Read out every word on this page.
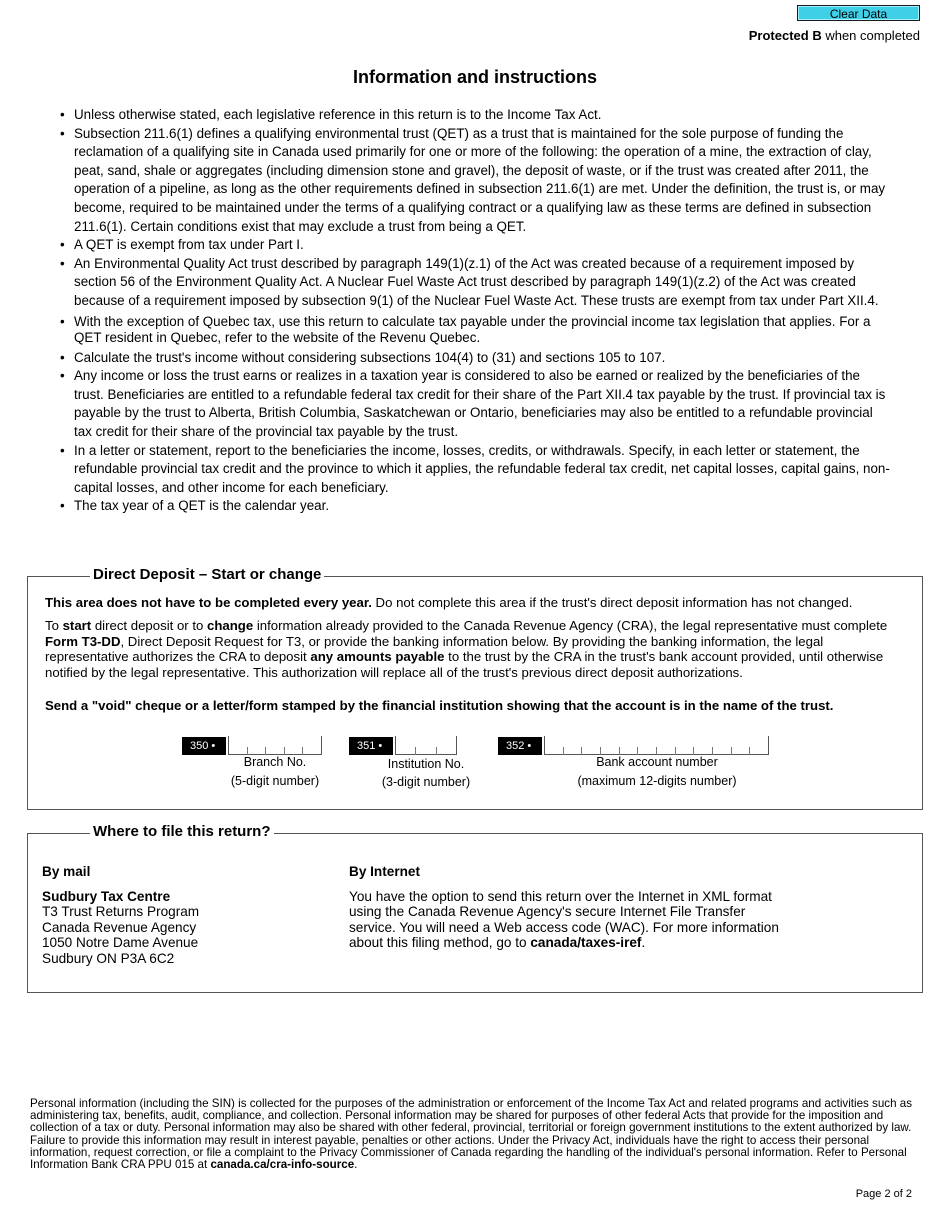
Clear Data
Protected B when completed
Information and instructions
• Unless otherwise stated, each legislative reference in this return is to the Income Tax Act.
• Subsection 211.6(1) defines a qualifying environmental trust (QET) as a trust that is maintained for the sole purpose of funding the reclamation of a qualifying site in Canada used primarily for one or more of the following: the operation of a mine, the extraction of clay, peat, sand, shale or aggregates (including dimension stone and gravel), the deposit of waste, or if the trust was created after 2011, the operation of a pipeline, as long as the other requirements defined in subsection 211.6(1) are met. Under the definition, the trust is, or may become, required to be maintained under the terms of a qualifying contract or a qualifying law as these terms are defined in subsection 211.6(1). Certain conditions exist that may exclude a trust from being a QET.
• A QET is exempt from tax under Part I.
• An Environmental Quality Act trust described by paragraph 149(1)(z.1) of the Act was created because of a requirement imposed by section 56 of the Environment Quality Act. A Nuclear Fuel Waste Act trust described by paragraph 149(1)(z.2) of the Act was created because of a requirement imposed by subsection 9(1) of the Nuclear Fuel Waste Act. These trusts are exempt from tax under Part XII.4.
• With the exception of Quebec tax, use this return to calculate tax payable under the provincial income tax legislation that applies. For a QET resident in Quebec, refer to the website of the Revenu Quebec.
• Calculate the trust's income without considering subsections 104(4) to (31) and sections 105 to 107.
• Any income or loss the trust earns or realizes in a taxation year is considered to also be earned or realized by the beneficiaries of the trust. Beneficiaries are entitled to a refundable federal tax credit for their share of the Part XII.4 tax payable by the trust. If provincial tax is payable by the trust to Alberta, British Columbia, Saskatchewan or Ontario, beneficiaries may also be entitled to a refundable provincial tax credit for their share of the provincial tax payable by the trust.
• In a letter or statement, report to the beneficiaries the income, losses, credits, or withdrawals. Specify, in each letter or statement, the refundable provincial tax credit and the province to which it applies, the refundable federal tax credit, net capital losses, capital gains, non-capital losses, and other income for each beneficiary.
• The tax year of a QET is the calendar year.
Direct Deposit – Start or change
This area does not have to be completed every year. Do not complete this area if the trust's direct deposit information has not changed.
To start direct deposit or to change information already provided to the Canada Revenue Agency (CRA), the legal representative must complete Form T3-DD, Direct Deposit Request for T3, or provide the banking information below. By providing the banking information, the legal representative authorizes the CRA to deposit any amounts payable to the trust by the CRA in the trust's bank account provided, until otherwise notified by the legal representative. This authorization will replace all of the trust's previous direct deposit authorizations.
Send a "void" cheque or a letter/form stamped by the financial institution showing that the account is in the name of the trust.
350 •
Branch No.
(5-digit number)
351 •
Institution No.
(3-digit number)
352 •
Bank account number
(maximum 12-digits number)
Where to file this return?
By mail
Sudbury Tax Centre
T3 Trust Returns Program
Canada Revenue Agency
1050 Notre Dame Avenue
Sudbury ON P3A 6C2
By Internet
You have the option to send this return over the Internet in XML format using the Canada Revenue Agency's secure Internet File Transfer service. You will need a Web access code (WAC). For more information about this filing method, go to canada/taxes-iref.
Personal information (including the SIN) is collected for the purposes of the administration or enforcement of the Income Tax Act and related programs and activities such as administering tax, benefits, audit, compliance, and collection. Personal information may be shared for purposes of other federal Acts that provide for the imposition and collection of a tax or duty. Personal information may also be shared with other federal, provincial, territorial or foreign government institutions to the extent authorized by law. Failure to provide this information may result in interest payable, penalties or other actions. Under the Privacy Act, individuals have the right to access their personal information, request correction, or file a complaint to the Privacy Commissioner of Canada regarding the handling of the individual's personal information. Refer to Personal Information Bank CRA PPU 015 at canada.ca/cra-info-source.
Page 2 of 2
